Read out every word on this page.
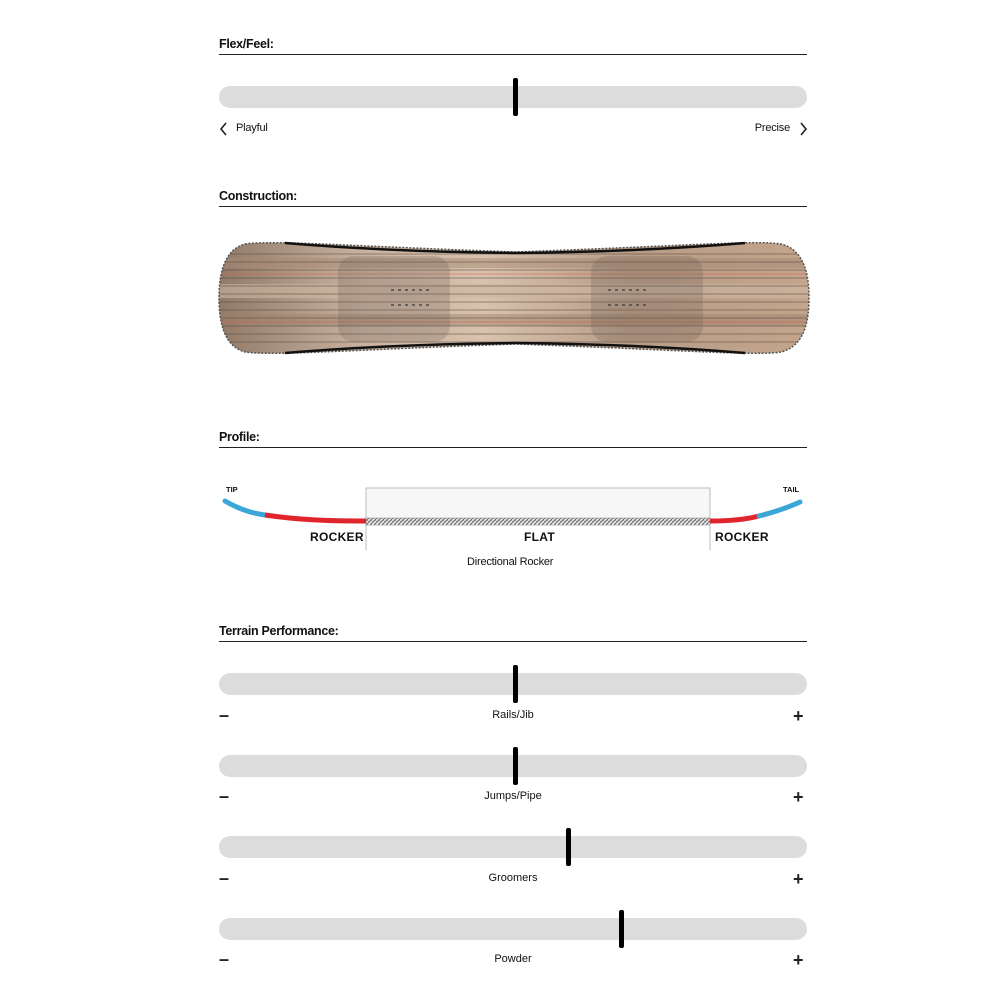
Flex/Feel:
Playful	Precise
Construction:
Profile:
TIP	TAIL
ROCKER	FLAT	ROCKER
Directional Rocker
Terrain Performance:
–	Rails/Jib	+
–	Jumps/Pipe	+
–	Groomers	+
–	Powder	+
